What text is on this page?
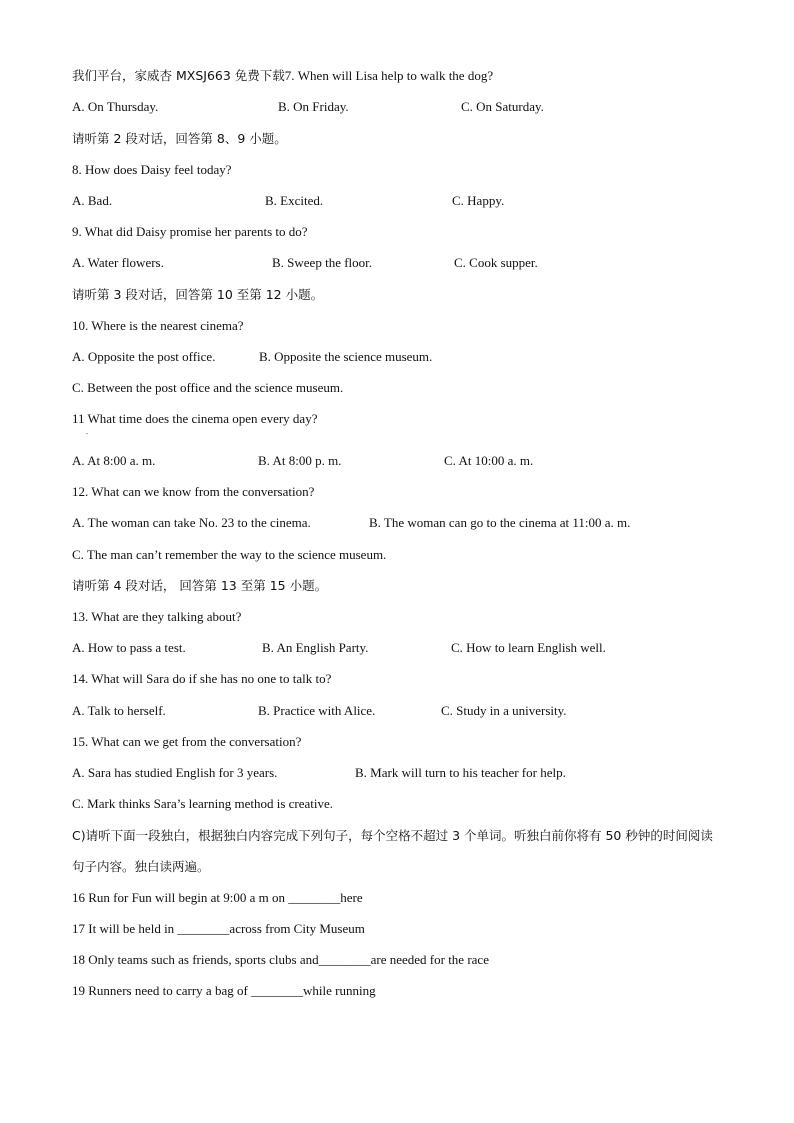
我们平台，家威杏 MXSJ663 免费下载7. When will Lisa help to walk the dog?
A. On Thursday.	B. On Friday.	C. On Saturday.
请听第 2 段对话，回答第 8、9 小题。
8. How does Daisy feel today?
A. Bad.	B. Excited.	C. Happy.
9. What did Daisy promise her parents to do?
A. Water flowers.	B. Sweep the floor.	C. Cook supper.
请听第 3 段对话，回答第 10 至第 12 小题。
10. Where is the nearest cinema?
A. Opposite the post office.	B. Opposite the science museum.
C. Between the post office and the science museum.
11 What time does the cinema open every day?
.
A. At 8:00 a. m.	B. At 8:00 p. m.	C. At 10:00 a. m.
12. What can we know from the conversation?
A. The woman can take No. 23 to the cinema.	B. The woman can go to the cinema at 11:00 a. m.
C. The man can’t remember the way to the science museum.
请听第 4 段对话， 回答第 13 至第 15 小题。
13. What are they talking about?
A. How to pass a test.	B. An English Party.	C. How to learn English well.
14. What will Sara do if she has no one to talk to?
A. Talk to herself.	B. Practice with Alice.	C. Study in a university.
15. What can we get from the conversation?
A. Sara has studied English for 3 years.	B. Mark will turn to his teacher for help.
C. Mark thinks Sara’s learning method is creative.
C)请听下面一段独白，根据独白内容完成下列句子，每个空格不超过 3 个单词。听独白前你将有 50 秒钟的时间阅读句子内容。独白读两遍。
16 Run for Fun will begin at 9:00 a m on ________here
17 It will be held in ________across from City Museum
18 Only teams such as friends, sports clubs and________are needed for the race
19 Runners need to carry a bag of ________while running
